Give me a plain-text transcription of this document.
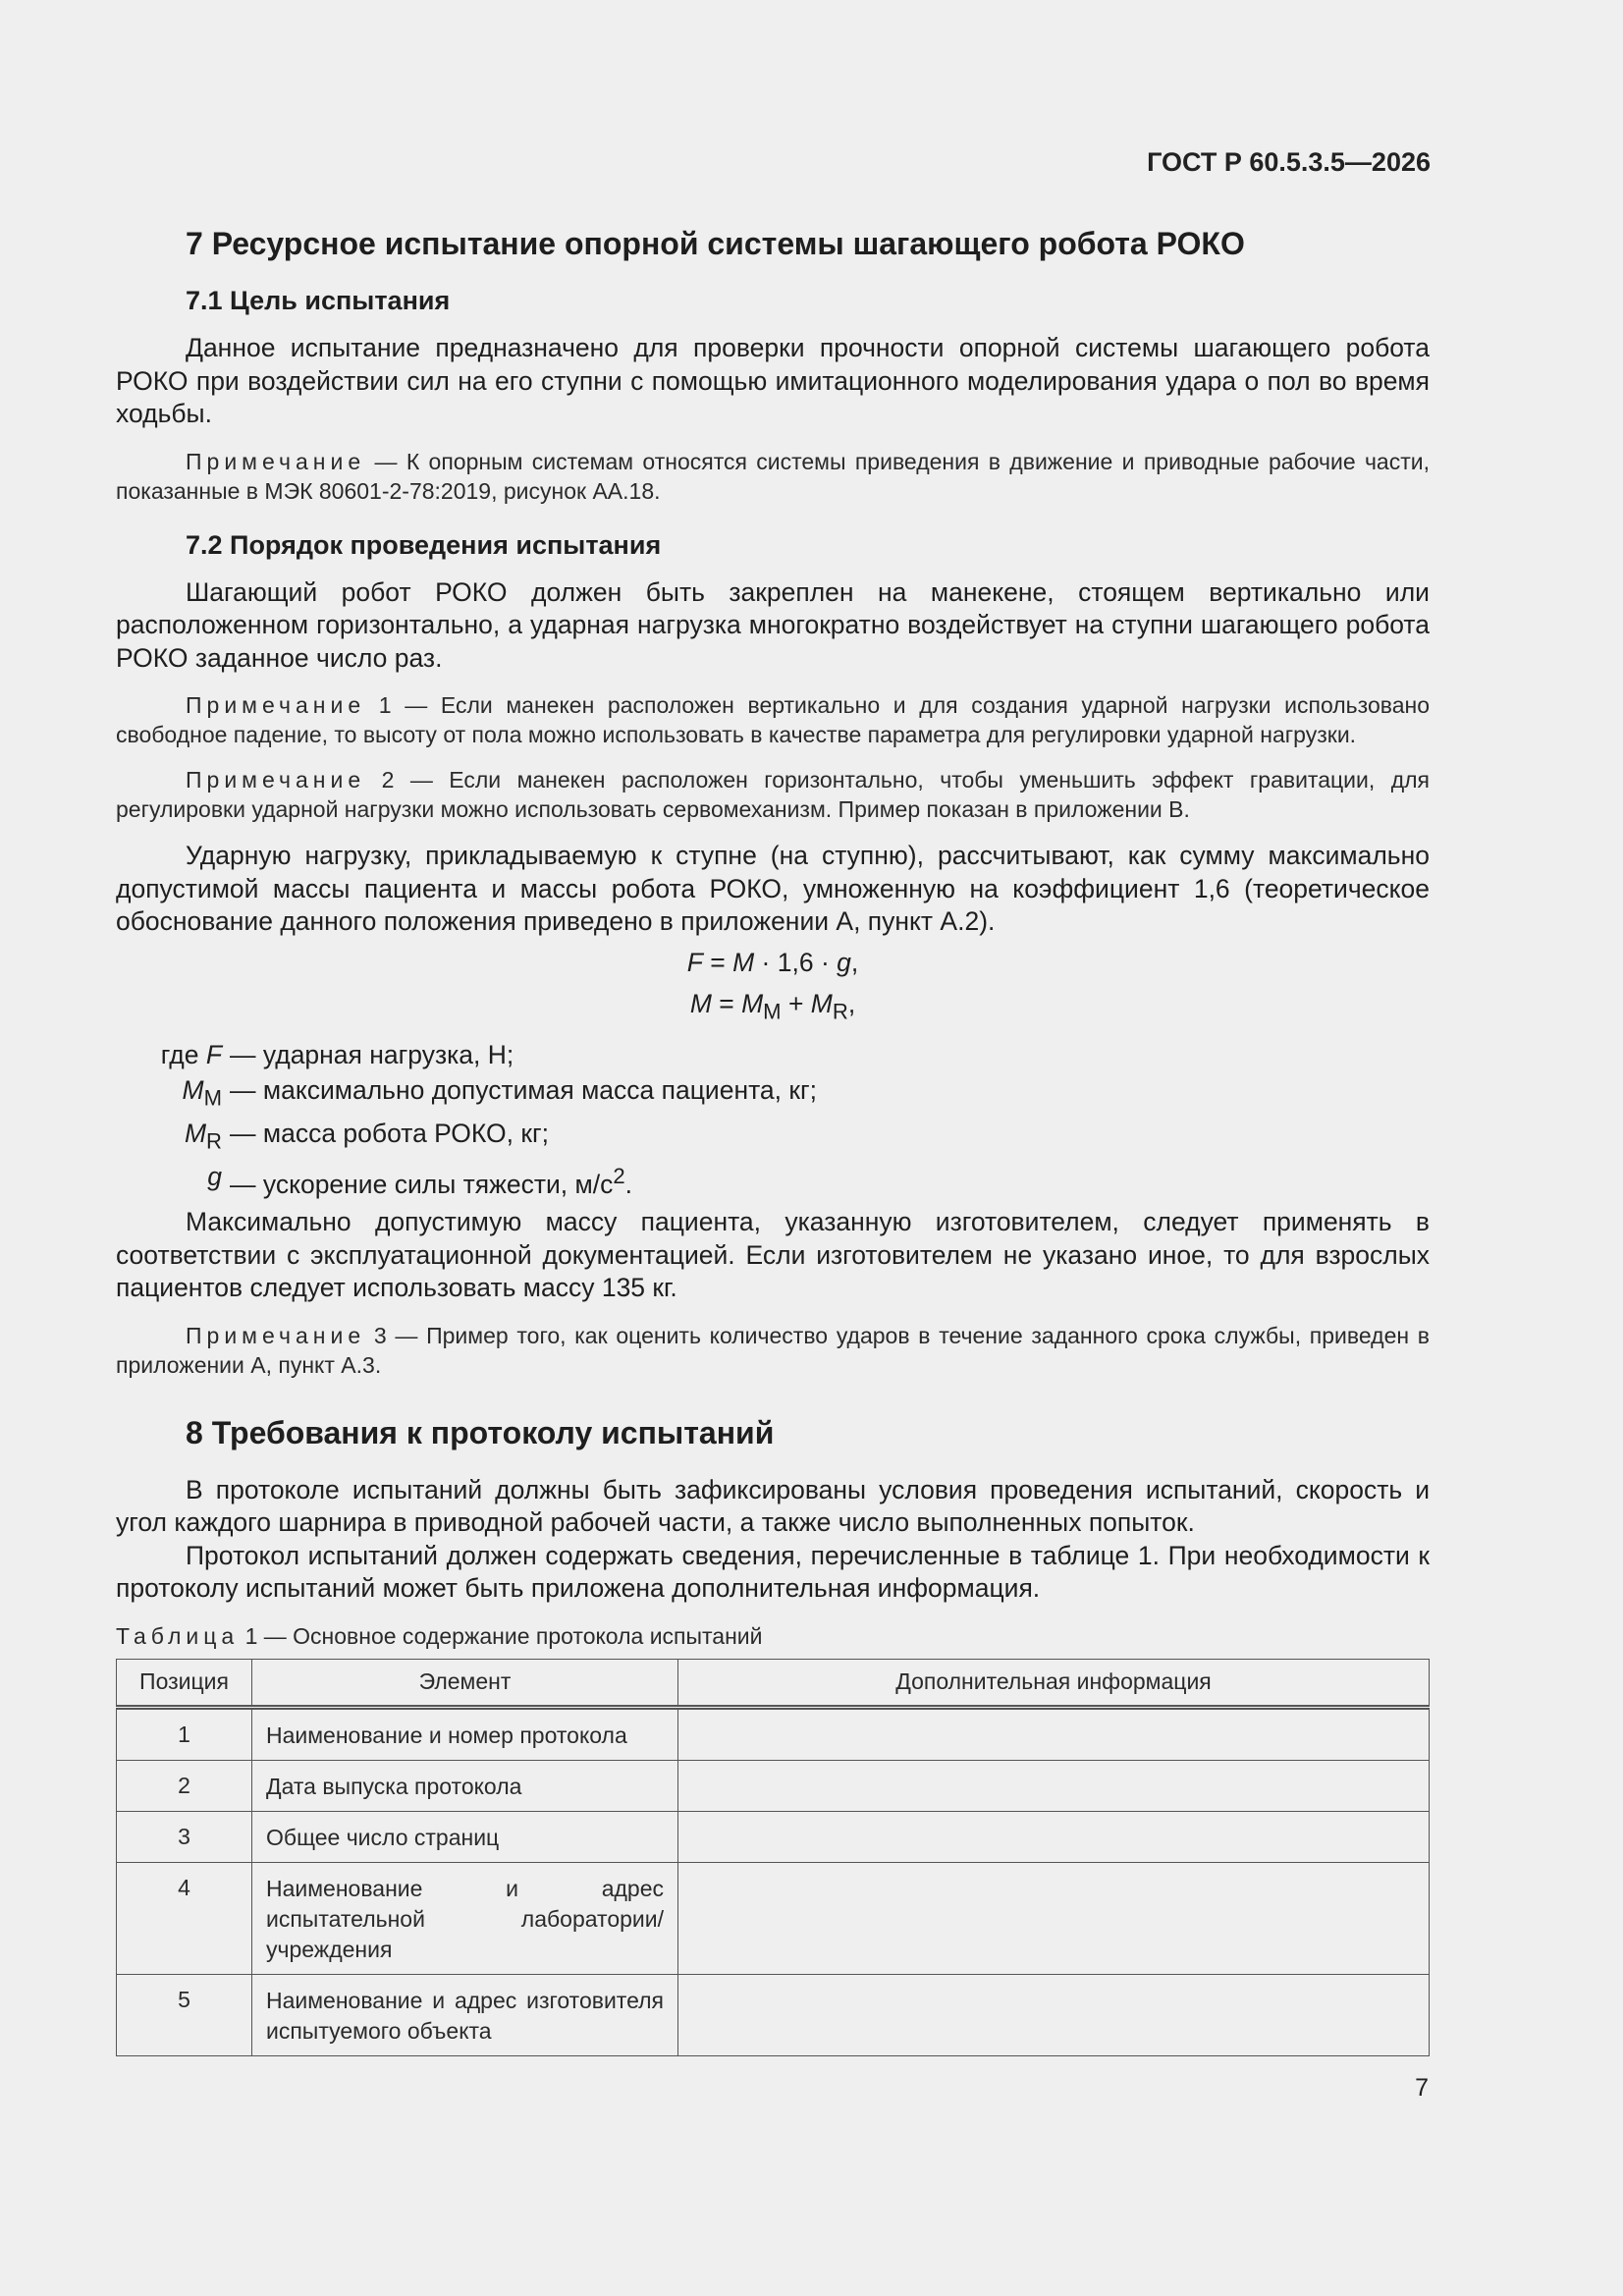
ГОСТ Р 60.5.3.5—2026
7 Ресурсное испытание опорной системы шагающего робота РОКО
7.1 Цель испытания

Данное испытание предназначено для проверки прочности опорной системы шагающего робота РОКО при воздействии сил на его ступни с помощью имитационного моделирования удара о пол во время ходьбы.

Примечание — К опорным системам относятся системы приведения в движение и приводные рабочие части, показанные в МЭК 80601-2-78:2019, рисунок АА.18.

7.2 Порядок проведения испытания

Шагающий робот РОКО должен быть закреплен на манекене, стоящем вертикально или расположенном горизонтально, а ударная нагрузка многократно воздействует на ступни шагающего робота РОКО заданное число раз.

Примечание 1 — Если манекен расположен вертикально и для создания ударной нагрузки использовано свободное падение, то высоту от пола можно использовать в качестве параметра для регулировки ударной нагрузки.

Примечание 2 — Если манекен расположен горизонтально, чтобы уменьшить эффект гравитации, для регулировки ударной нагрузки можно использовать сервомеханизм. Пример показан в приложении В.

Ударную нагрузку, прикладываемую к ступне (на ступню), рассчитывают, как сумму максимально допустимой массы пациента и массы робота РОКО, умноженную на коэффициент 1,6 (теоретическое обоснование данного положения приведено в приложении А, пункт А.2).

F = M · 1,6 · g,

$M = M_M + M_R$,

где F — ударная нагрузка, Н;
$M_M$ — максимально допустимая масса пациента, кг;
$M_R$ — масса робота РОКО, кг;
g — ускорение силы тяжести, $м/с^2$.

Максимально допустимую массу пациента, указанную изготовителем, следует применять в соответствии с эксплуатационной документацией. Если изготовителем не указано иное, то для взрослых пациентов следует использовать массу 135 кг.

Примечание 3 — Пример того, как оценить количество ударов в течение заданного срока службы, приведен в приложении А, пункт А.3.

8 Требования к протоколу испытаний

В протоколе испытаний должны быть зафиксированы условия проведения испытаний, скорость и угол каждого шарнира в приводной рабочей части, а также число выполненных попыток.

Протокол испытаний должен содержать сведения, перечисленные в таблице 1. При необходимости к протоколу испытаний может быть приложена дополнительная информация.

Таблица 1 — Основное содержание протокола испытаний

Позиция	Элемент	Дополнительная информация
1	Наименование и номер протокола	
2	Дата выпуска протокола	
3	Общее число страниц	
4	Наименование и адрес испытательной лаборатории/учреждения	
5	Наименование и адрес изготовителя испытуемого объекта	
7
